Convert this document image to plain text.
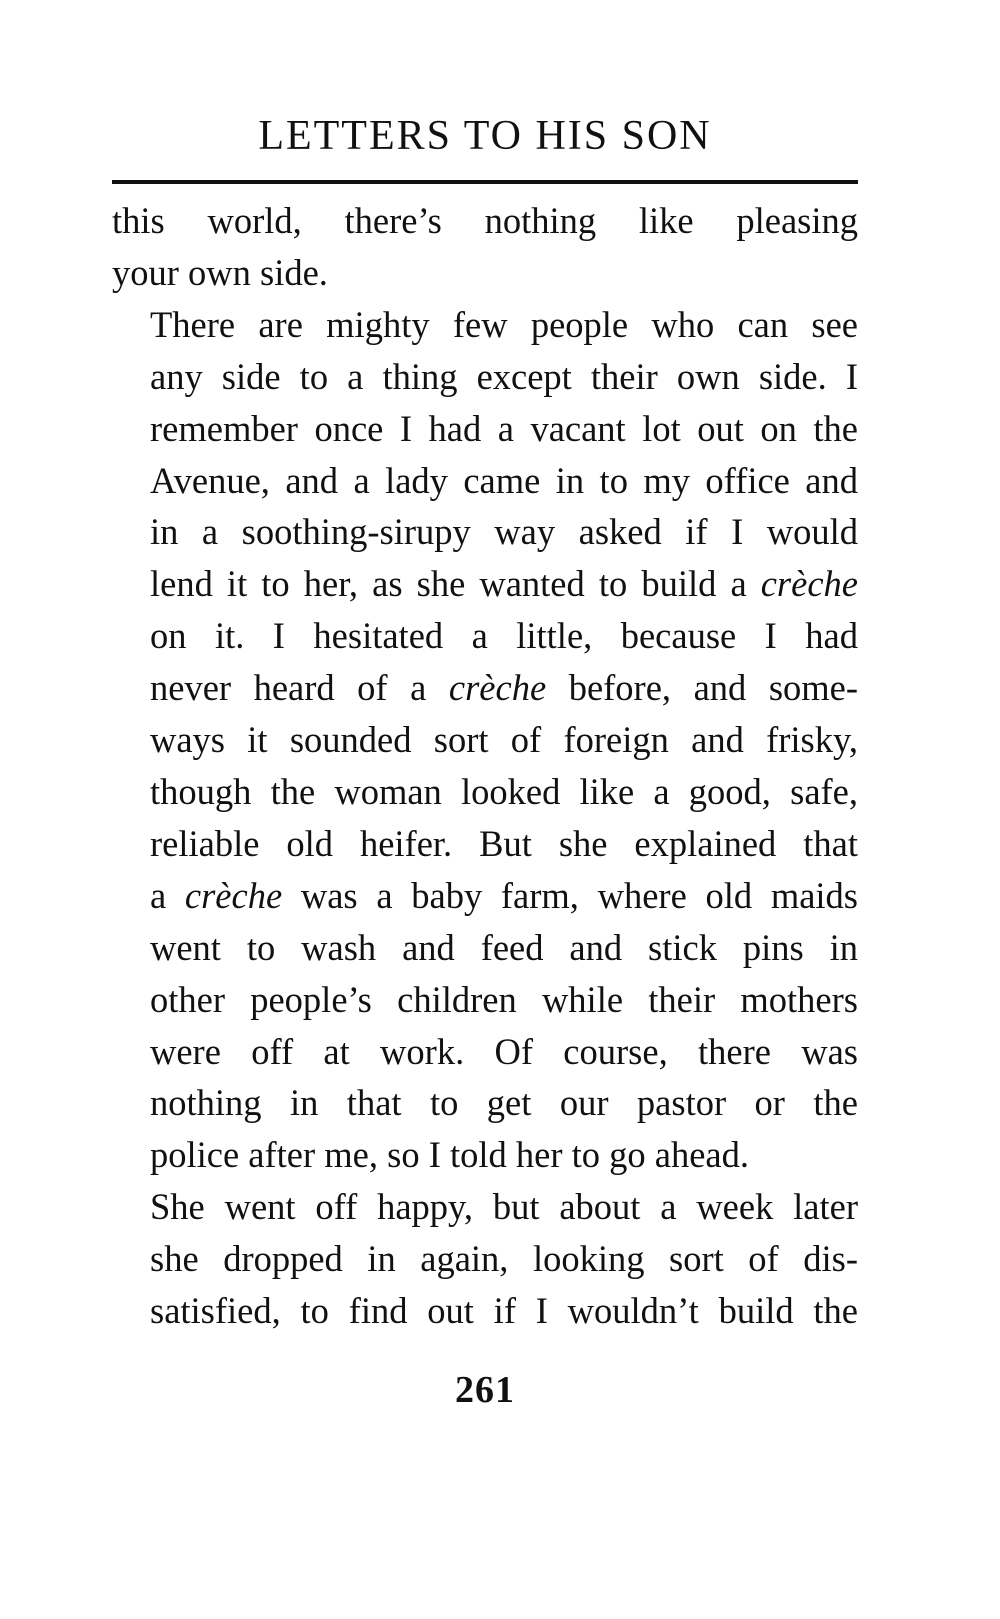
LETTERS TO HIS SON

this world, there’s nothing like pleasing
your own side.

There are mighty few people who can see
any side to a thing except their own side. I
remember once I had a vacant lot out on the
Avenue, and a lady came in to my office and
in a soothing-sirupy way asked if I would
lend it to her, as she wanted to build a crèche
on it. I hesitated a little, because I had
never heard of a crèche before, and some-
ways it sounded sort of foreign and frisky,
though the woman looked like a good, safe,
reliable old heifer. But she explained that
a crèche was a baby farm, where old maids
went to wash and feed and stick pins in
other people’s children while their mothers
were off at work. Of course, there was
nothing in that to get our pastor or the
police after me, so I told her to go ahead.

She went off happy, but about a week later
she dropped in again, looking sort of dis-
satisfied, to find out if I wouldn’t build the

261
